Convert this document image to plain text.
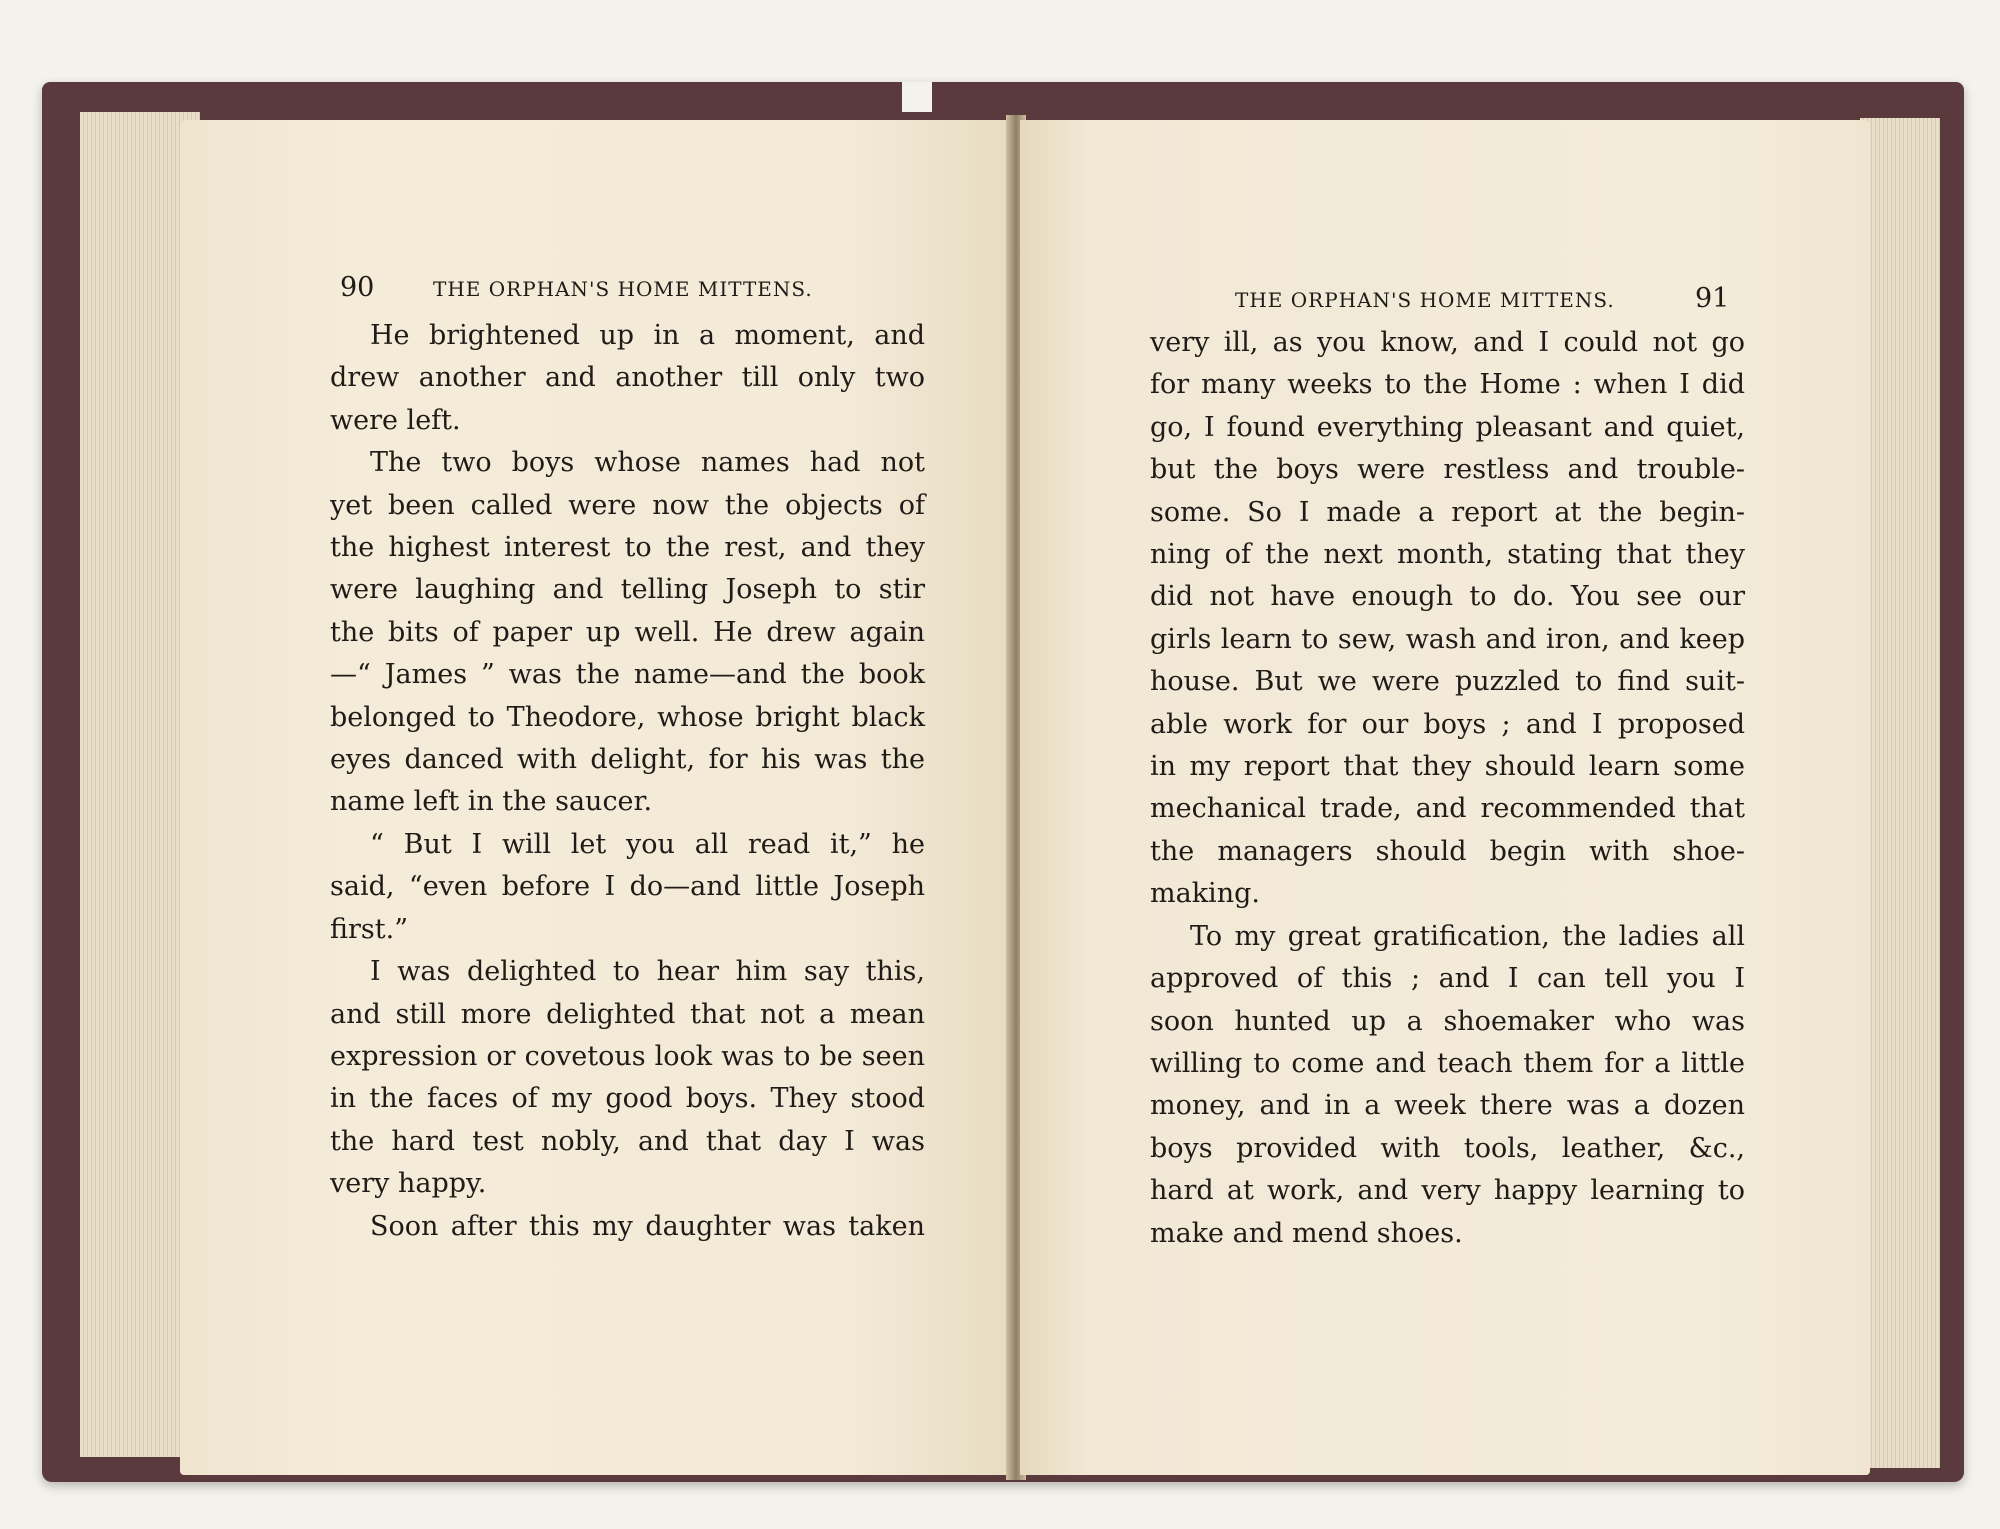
90	THE ORPHAN'S HOME MITTENS.
He brightened up in a moment, and
drew another and another till only two
were left.
The two boys whose names had not
yet been called were now the objects of
the highest interest to the rest, and they
were laughing and telling Joseph to stir
the bits of paper up well. He drew again
—“ James ” was the name—and the book
belonged to Theodore, whose bright black
eyes danced with delight, for his was the
name left in the saucer.
“ But I will let you all read it,” he
said, “even before I do—and little Joseph
first.”
I was delighted to hear him say this,
and still more delighted that not a mean
expression or covetous look was to be seen
in the faces of my good boys. They stood
the hard test nobly, and that day I was
very happy.
Soon after this my daughter was taken
THE ORPHAN'S HOME MITTENS.	91
very ill, as you know, and I could not go
for many weeks to the Home : when I did
go, I found everything pleasant and quiet,
but the boys were restless and trouble-
some. So I made a report at the begin-
ning of the next month, stating that they
did not have enough to do. You see our
girls learn to sew, wash and iron, and keep
house. But we were puzzled to find suit-
able work for our boys ; and I proposed
in my report that they should learn some
mechanical trade, and recommended that
the managers should begin with shoe-
making.
To my great gratification, the ladies all
approved of this ; and I can tell you I
soon hunted up a shoemaker who was
willing to come and teach them for a little
money, and in a week there was a dozen
boys provided with tools, leather, &c.,
hard at work, and very happy learning to
make and mend shoes.
